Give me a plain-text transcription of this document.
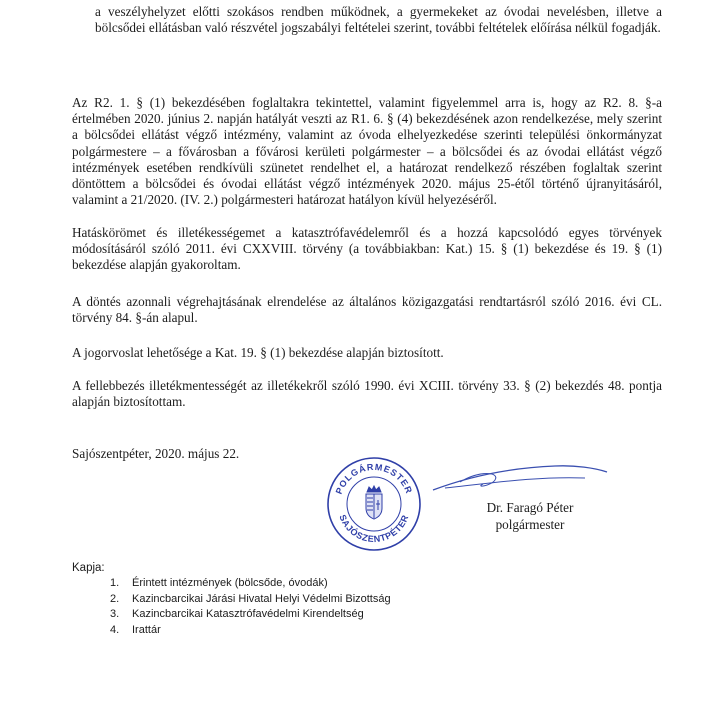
a veszélyhelyzet előtti szokásos rendben működnek, a gyermekeket az óvodai nevelésben, illetve a bölcsődei ellátásban való részvétel jogszabályi feltételei szerint, további feltételek előírása nélkül fogadják.

Az R2. 1. § (1) bekezdésében foglaltakra tekintettel, valamint figyelemmel arra is, hogy az R2. 8. §-a értelmében 2020. június 2. napján hatályát veszti az R1. 6. § (4) bekezdésének azon rendelkezése, mely szerint a bölcsődei ellátást végző intézmény, valamint az óvoda elhelyezkedése szerinti települési önkormányzat polgármestere – a fővárosban a fővárosi kerületi polgármester – a bölcsődei és az óvodai ellátást végző intézmények esetében rendkívüli szünetet rendelhet el, a határozat rendelkező részében foglaltak szerint döntöttem a bölcsődei és óvodai ellátást végző intézmények 2020. május 25-étől történő újranyitásáról, valamint a 21/2020. (IV. 2.) polgármesteri határozat hatályon kívül helyezéséről.

Hatáskörömet és illetékességemet a katasztrófavédelemről és a hozzá kapcsolódó egyes törvények módosításáról szóló 2011. évi CXXVIII. törvény (a továbbiakban: Kat.) 15. § (1) bekezdése és 19. § (1) bekezdése alapján gyakoroltam.

A döntés azonnali végrehajtásának elrendelése az általános közigazgatási rendtartásról szóló 2016. évi CL. törvény 84. §-án alapul.

A jogorvoslat lehetősége a Kat. 19. § (1) bekezdése alapján biztosított.

A fellebbezés illetékmentességét az illetékekről szóló 1990. évi XCIII. törvény 33. § (2) bekezdés 48. pontja alapján biztosítottam.

Sajószentpéter, 2020. május 22.

POLGÁRMESTER
SAJÓSZENTPÉTER
Dr. Faragó Péter
polgármester
Kapja:
1.	Érintett intézmények (bölcsőde, óvodák)
2.	Kazincbarcikai Járási Hivatal Helyi Védelmi Bizottság
3.	Kazincbarcikai Katasztrófavédelmi Kirendeltség
4.	Irattár
